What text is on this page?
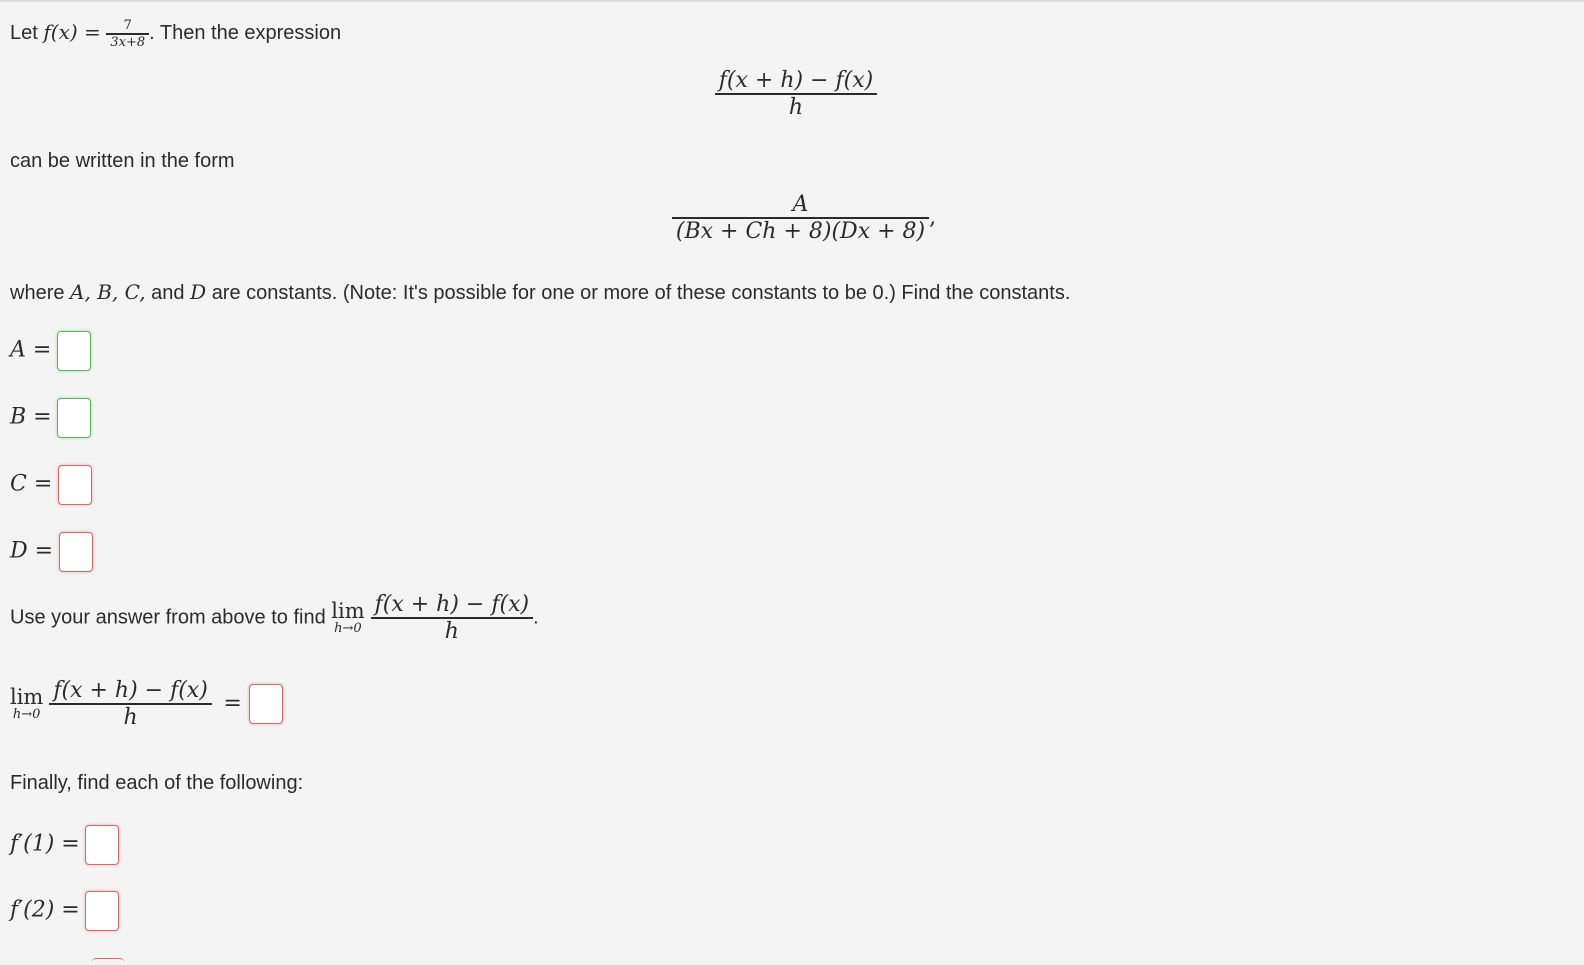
Let $f(x) = \frac{7}{3x+8}$ . Then the expression
$\frac{f(x + h) - f(x)}{h}$
can be written in the form
$\frac{A}{(Bx + Ch + 8)(Dx + 8)}$ ,
where A, B, C, and D are constants. (Note: It's possible for one or more of these constants to be 0.) Find the constants.
A =
B =
C =
D =
Use your answer from above to find lim
$h\to 0 \frac{f(x + h) - f(x)}{h}$ .
lim
$h\to 0 \frac{f(x + h) - f(x)}{h}$ =
Finally, find each of the following:
f′(1) =
f′(2) =
